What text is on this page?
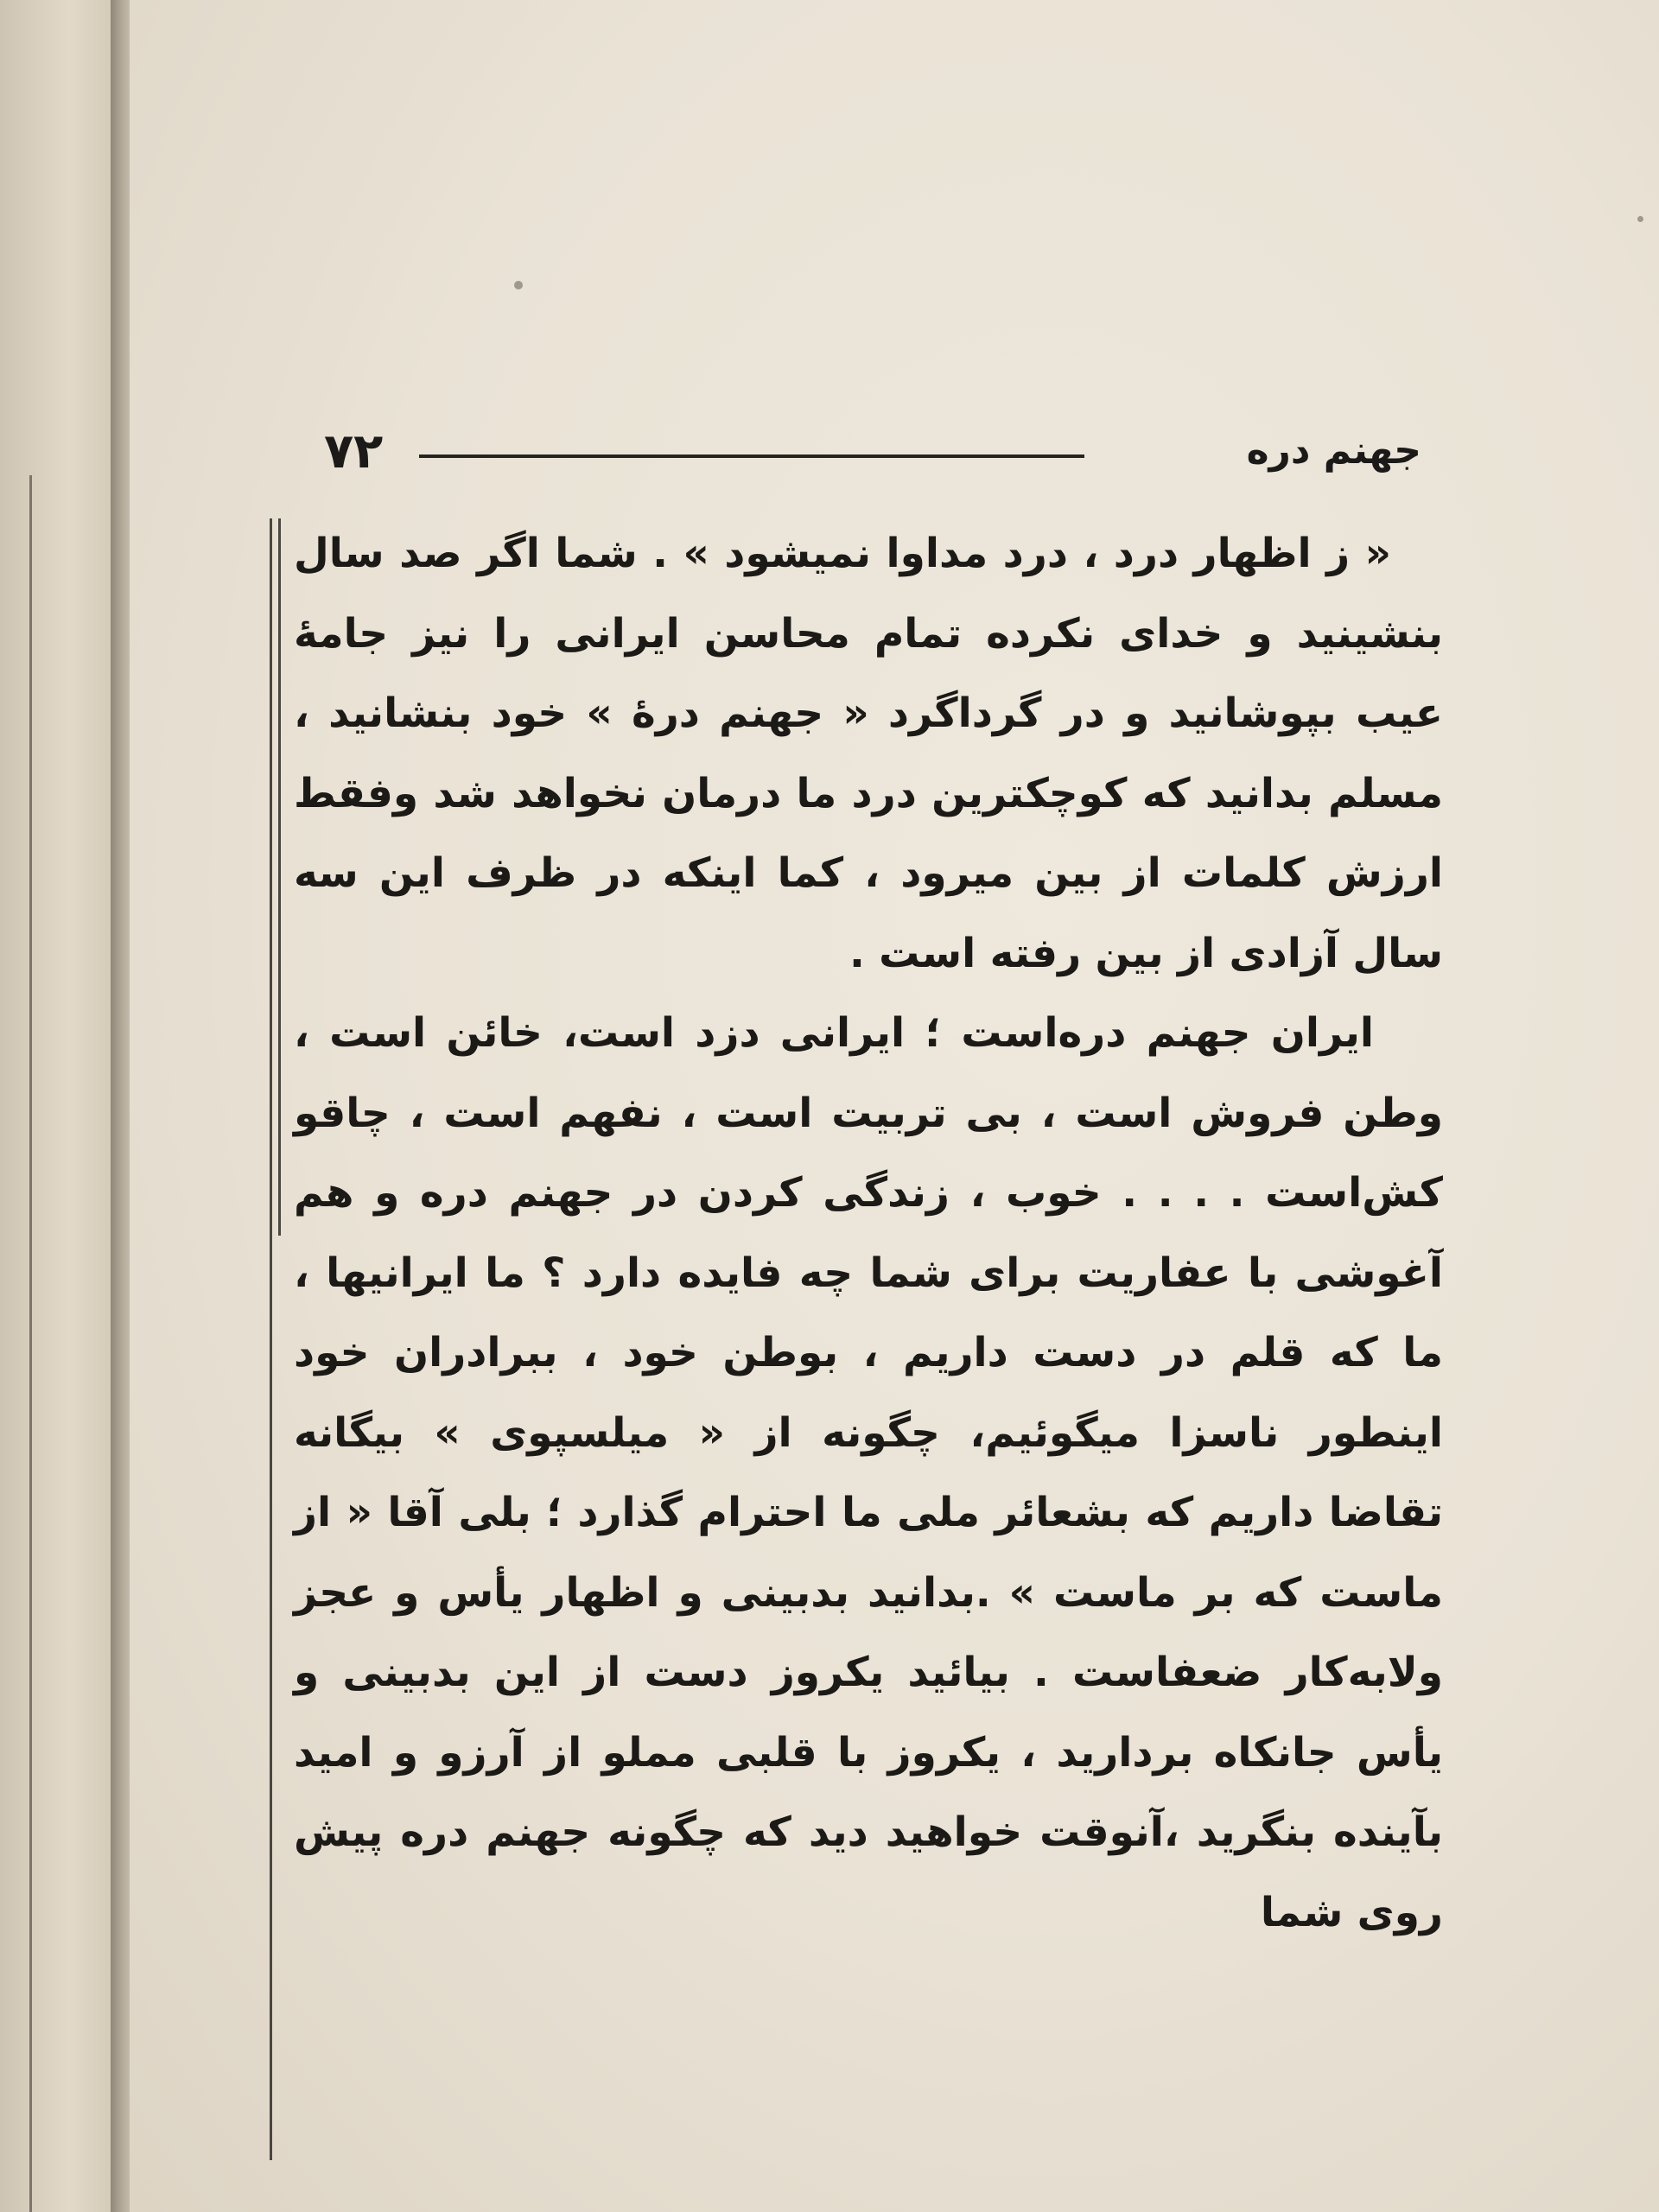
۷۲	جهنم دره

« ز اظهار درد ، درد مداوا نمیشود » . شما اگر صد سال بنشینید و خدای نکرده تمام محاسن ایرانی را نیز جامهٔ عیب بپوشانید و در گرداگرد « جهنم درهٔ » خود بنشانید ، مسلم بدانید که کوچکترین درد ما درمان نخواهد شد وفقط ارزش کلمات از بین میرود ، کما اینکه در ظرف این سه سال آزادی از بین رفته است .

ایران جهنم دره‌است ؛ ایرانی دزد است، خائن است ، وطن فروش است ، بی تربیت است ، نفهم است ، چاقو کش‌است . . . . خوب ، زندگی کردن در جهنم دره و هم آغوشی با عفاریت برای شما چه فایده دارد ؟ ما ایرانیها ، ما که قلم در دست داریم ، بوطن خود ، ببرادران خود اینطور ناسزا میگوئیم، چگونه از « میلسپوی » بیگانه تقاضا داریم که بشعائر ملی ما احترام گذارد ؛ بلی آقا « از ماست که بر ماست » .بدانید بدبینی و اظهار یأس و عجز ولابه‌کار ضعفاست . بیائید یکروز دست از این بدبینی و یأس جانکاه بردارید ، یکروز با قلبی مملو از آرزو و امید بآینده بنگرید ،آنوقت خواهید دید که چگونه جهنم دره پیش روی شما
